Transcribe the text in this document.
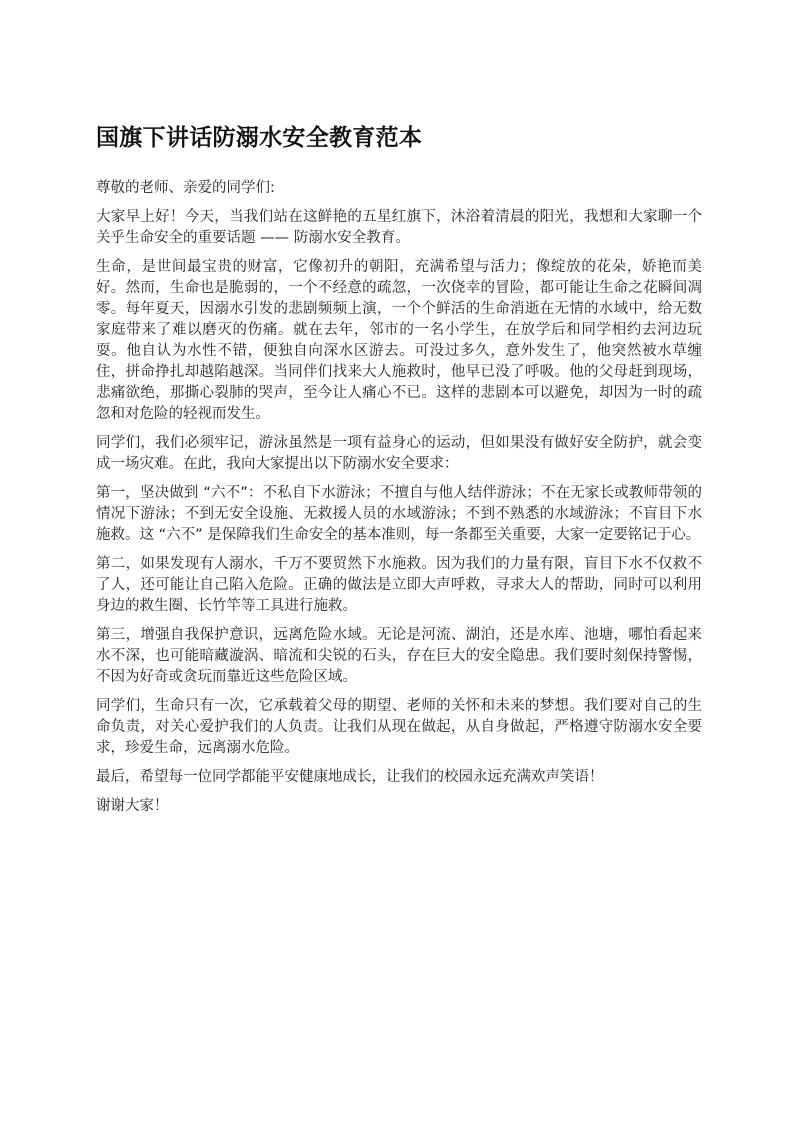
国旗下讲话防溺水安全教育范本

尊敬的老师、亲爱的同学们:

大家早上好！今天，当我们站在这鲜艳的五星红旗下，沐浴着清晨的阳光，我想和大家聊一个关乎生命安全的重要话题 —— 防溺水安全教育。

生命，是世间最宝贵的财富，它像初升的朝阳，充满希望与活力；像绽放的花朵，娇艳而美好。然而，生命也是脆弱的，一个不经意的疏忽，一次侥幸的冒险，都可能让生命之花瞬间凋零。每年夏天，因溺水引发的悲剧频频上演，一个个鲜活的生命消逝在无情的水域中，给无数家庭带来了难以磨灭的伤痛。就在去年，邻市的一名小学生，在放学后和同学相约去河边玩耍。他自认为水性不错，便独自向深水区游去。可没过多久，意外发生了，他突然被水草缠住，拼命挣扎却越陷越深。当同伴们找来大人施救时，他早已没了呼吸。他的父母赶到现场，悲痛欲绝，那撕心裂肺的哭声，至今让人痛心不已。这样的悲剧本可以避免，却因为一时的疏忽和对危险的轻视而发生。

同学们，我们必须牢记，游泳虽然是一项有益身心的运动，但如果没有做好安全防护，就会变成一场灾难。在此，我向大家提出以下防溺水安全要求：

第一，坚决做到 “六不”：不私自下水游泳；不擅自与他人结伴游泳；不在无家长或教师带领的情况下游泳；不到无安全设施、无救援人员的水域游泳；不到不熟悉的水域游泳；不盲目下水施救。这 “六不” 是保障我们生命安全的基本准则，每一条都至关重要，大家一定要铭记于心。

第二，如果发现有人溺水，千万不要贸然下水施救。因为我们的力量有限，盲目下水不仅救不了人，还可能让自己陷入危险。正确的做法是立即大声呼救，寻求大人的帮助，同时可以利用身边的救生圈、长竹竿等工具进行施救。

第三，增强自我保护意识，远离危险水域。无论是河流、湖泊，还是水库、池塘，哪怕看起来水不深，也可能暗藏漩涡、暗流和尖锐的石头，存在巨大的安全隐患。我们要时刻保持警惕，不因为好奇或贪玩而靠近这些危险区域。

同学们，生命只有一次，它承载着父母的期望、老师的关怀和未来的梦想。我们要对自己的生命负责，对关心爱护我们的人负责。让我们从现在做起，从自身做起，严格遵守防溺水安全要求，珍爱生命，远离溺水危险。

最后，希望每一位同学都能平安健康地成长，让我们的校园永远充满欢声笑语！

谢谢大家！
